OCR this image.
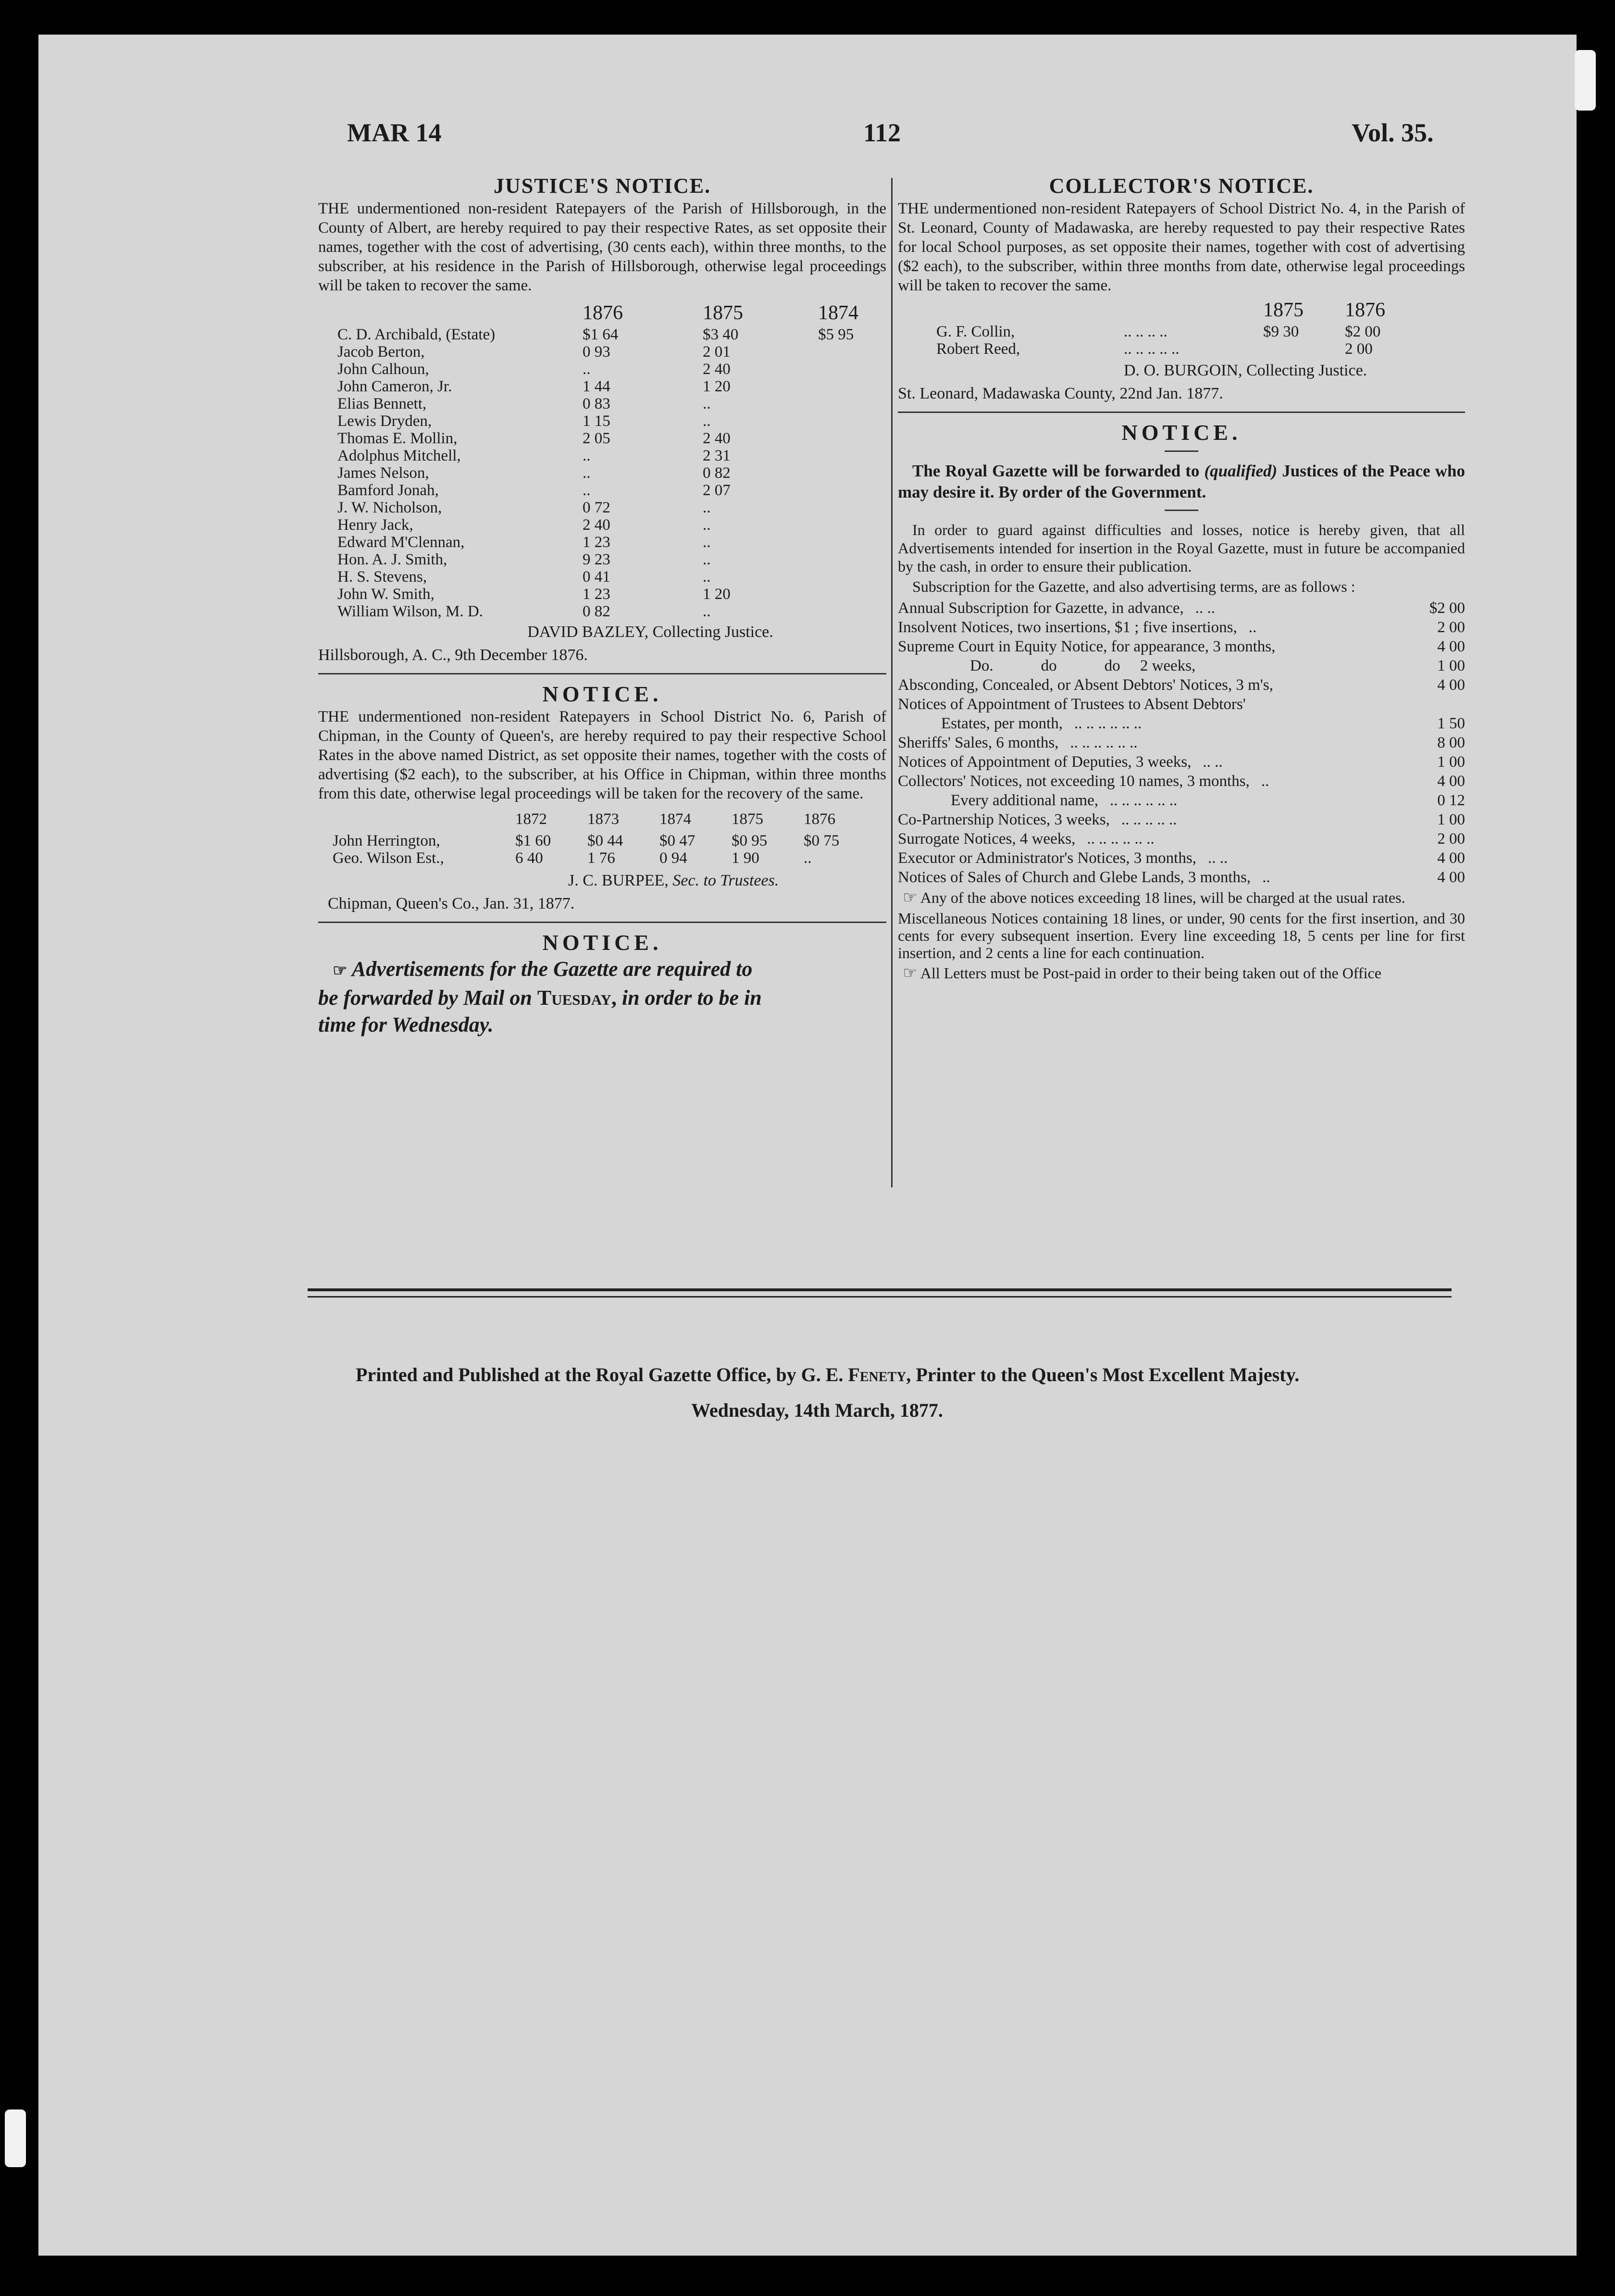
MAR 14	112	Vol. 35.
JUSTICE'S NOTICE.

THE undermentioned non-resident Ratepayers of the Parish of Hillsborough, in the County of Albert, are hereby required to pay their respective Rates, as set opposite their names, together with the cost of advertising, (30 cents each), within three months, to the subscriber, at his residence in the Parish of Hillsborough, otherwise legal proceedings will be taken to recover the same.

	1876	1875	1874
C. D. Archibald, (Estate)	$1 64	$3 40	$5 95
Jacob Berton,	0 93	2 01	
John Calhoun,	..	2 40	
John Cameron, Jr.	1 44	1 20	
Elias Bennett,	0 83	..	
Lewis Dryden,	1 15	..	
Thomas E. Mollin,	2 05	2 40	
Adolphus Mitchell,	..	2 31	
James Nelson,	..	0 82	
Bamford Jonah,	..	2 07	
J. W. Nicholson,	0 72	..	
Henry Jack,	2 40	..	
Edward M'Clennan,	1 23	..	
Hon. A. J. Smith,	9 23	..	
H. S. Stevens,	0 41	..	
John W. Smith,	1 23	1 20	
William Wilson, M. D.	0 82	..	
DAVID BAZLEY, Collecting Justice.
Hillsborough, A. C., 9th December 1876.
NOTICE.

THE undermentioned non-resident Ratepayers in School District No. 6, Parish of Chipman, in the County of Queen's, are hereby required to pay their respective School Rates in the above named District, as set opposite their names, together with the costs of advertising ($2 each), to the subscriber, at his Office in Chipman, within three months from this date, otherwise legal proceedings will be taken for the recovery of the same.

	1872	1873	1874	1875	1876
John Herrington,	$1 60	$0 44	$0 47	$0 95	$0 75
Geo. Wilson Est.,	6 40	1 76	0 94	1 90	..
J. C. BURPEE, Sec. to Trustees.
Chipman, Queen's Co., Jan. 31, 1877.
NOTICE.
☞ Advertisements for the Gazette are required to
be forwarded by Mail on Tuesday, in order to be in
time for Wednesday.
COLLECTOR'S NOTICE.

THE undermentioned non-resident Ratepayers of School District No. 4, in the Parish of St. Leonard, County of Madawaska, are hereby requested to pay their respective Rates for local School purposes, as set opposite their names, together with cost of advertising ($2 each), to the subscriber, within three months from date, otherwise legal proceedings will be taken to recover the same.

		1875	1876
G. F. Collin,	.. .. .. ..	$9 30	$2 00
Robert Reed,	.. .. .. .. ..		2 00
D. O. BURGOIN, Collecting Justice.
St. Leonard, Madawaska County, 22nd Jan. 1877.
NOTICE.

The Royal Gazette will be forwarded to (qualified) Justices of the Peace who may desire it. By order of the Government.

In order to guard against difficulties and losses, notice is hereby given, that all Advertisements intended for insertion in the Royal Gazette, must in future be accompanied by the cash, in order to ensure their publication.

Subscription for the Gazette, and also advertising terms, are as follows :

Annual Subscription for Gazette, in advance, .. ..	$2 00
Insolvent Notices, two insertions, $1 ; five insertions, ..	2 00
Supreme Court in Equity Notice, for appearance, 3 months,	4 00
Do.            do            do     2 weeks,	1 00
Absconding, Concealed, or Absent Debtors' Notices, 3 m's,	4 00
Notices of Appointment of Trustees to Absent Debtors'	
Estates, per month, .. .. .. .. .. ..	1 50
Sheriffs' Sales, 6 months, .. .. .. .. .. ..	8 00
Notices of Appointment of Deputies, 3 weeks, .. ..	1 00
Collectors' Notices, not exceeding 10 names, 3 months, ..	4 00
Every additional name, .. .. .. .. .. ..	0 12
Co-Partnership Notices, 3 weeks, .. .. .. .. ..	1 00
Surrogate Notices, 4 weeks, .. .. .. .. .. ..	2 00
Executor or Administrator's Notices, 3 months, .. ..	4 00
Notices of Sales of Church and Glebe Lands, 3 months, ..	4 00
☞ Any of the above notices exceeding 18 lines, will be charged at the usual rates.

Miscellaneous Notices containing 18 lines, or under, 90 cents for the first insertion, and 30 cents for every subsequent insertion. Every line exceeding 18, 5 cents per line for first insertion, and 2 cents a line for each continuation.

☞ All Letters must be Post-paid in order to their being taken out of the Office
Printed and Published at the Royal Gazette Office, by G. E. Fenety, Printer to the Queen's Most Excellent Majesty.
Wednesday, 14th March, 1877.
